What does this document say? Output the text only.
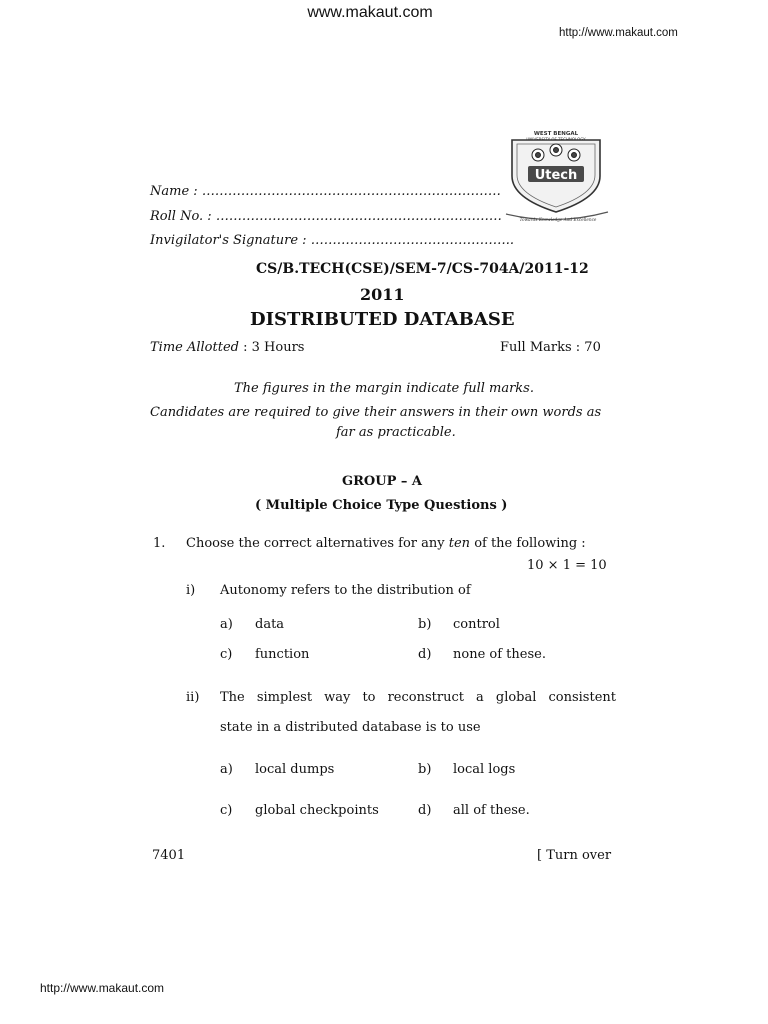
www.makaut.com
http://www.makaut.com
WEST BENGAL
Utech
Towards Knowledge And Excellence
Name : ……………………………………………………………
Roll No. : …………………………………………………………
Invigilator's Signature : ………………………………………..
CS/B.TECH(CSE)/SEM-7/CS-704A/2011-12
2011
DISTRIBUTED DATABASE
Time Allotted : 3 Hours	Full Marks : 70
The figures in the margin indicate full marks.
Candidates are required to give their answers in their own words as
far as practicable.
GROUP – A
( Multiple Choice Type Questions )
1. Choose the correct alternatives for any ten of the following :
10 × 1 = 10
i) Autonomy refers to the distribution of
a) data	b) control
c) function	d) none of these.
ii) The simplest way to reconstruct a global consistent
state in a distributed database is to use
a) local dumps	b) local logs
c) global checkpoints	d) all of these.
7401	[ Turn over
http://www.makaut.com
